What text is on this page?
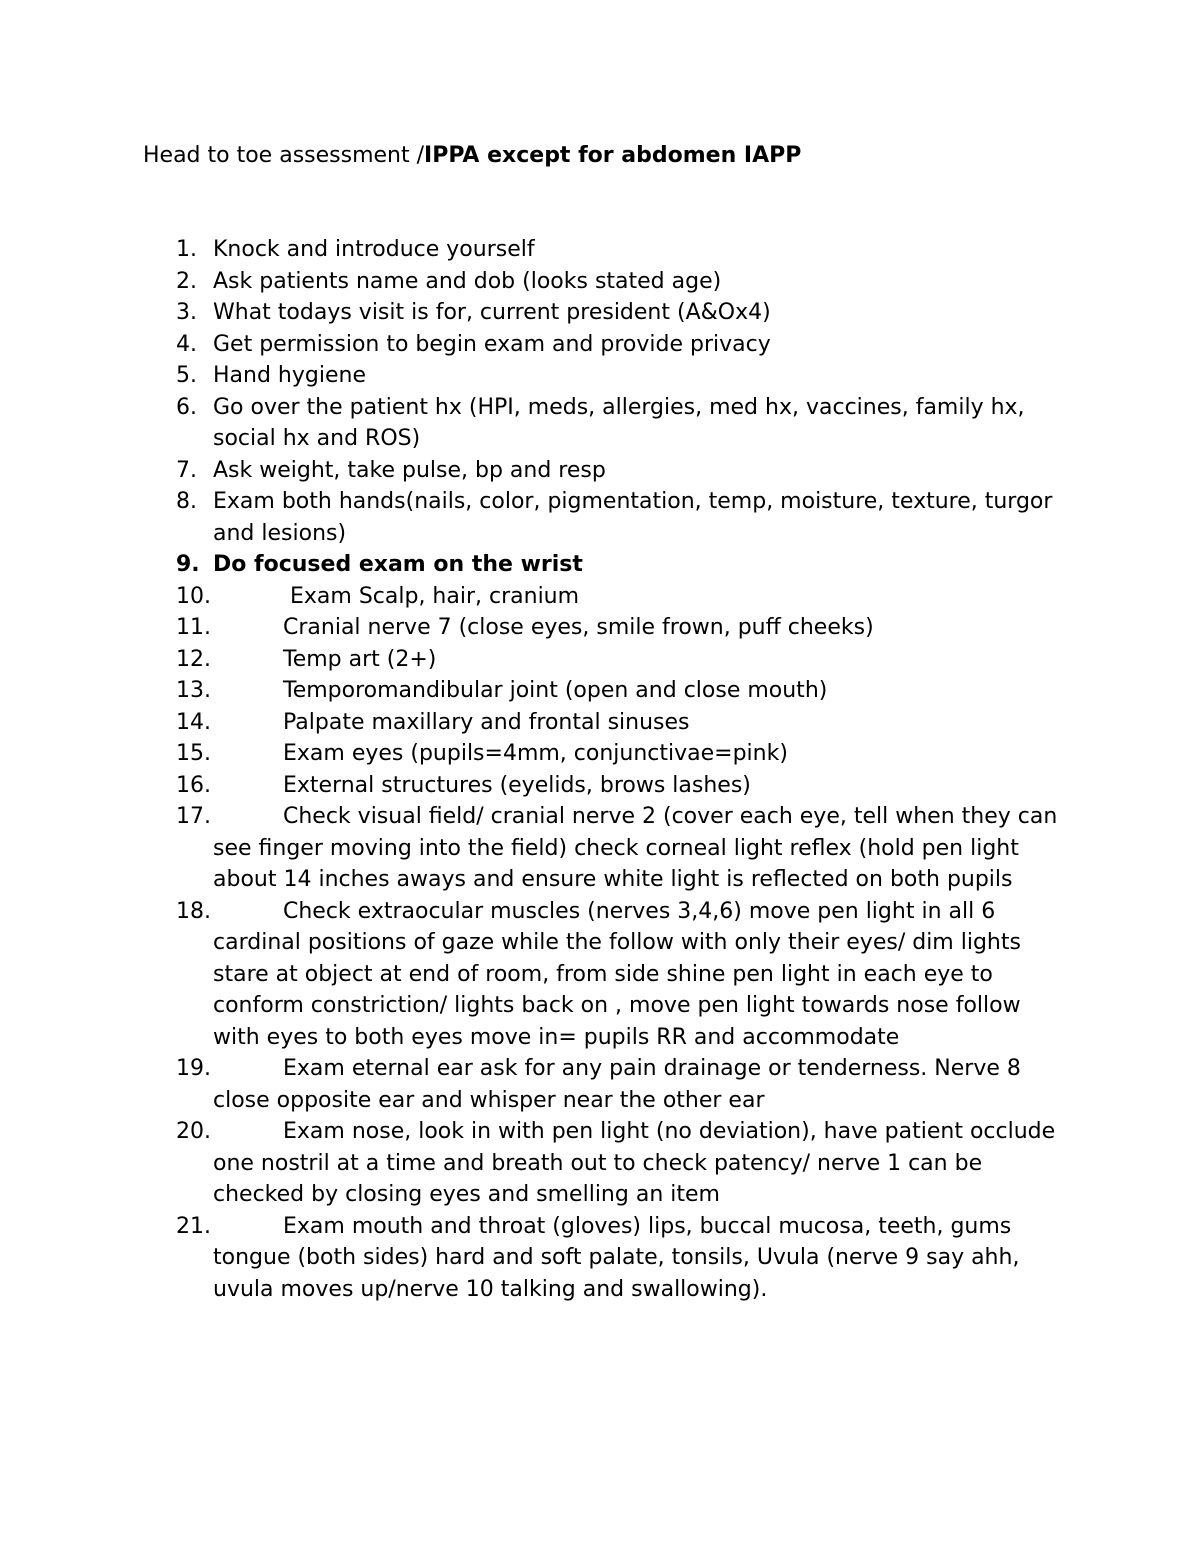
Head to toe assessment /IPPA except for abdomen IAPP
1. Knock and introduce yourself
2. Ask patients name and dob (looks stated age)
3. What todays visit is for, current president (A&Ox4)
4. Get permission to begin exam and provide privacy
5. Hand hygiene
6. Go over the patient hx (HPI, meds, allergies, med hx, vaccines, family hx, social hx and ROS)
7. Ask weight, take pulse, bp and resp
8. Exam both hands(nails, color, pigmentation, temp, moisture, texture, turgor and lesions)
9. Do focused exam on the wrist
10.	Exam Scalp, hair, cranium
11.	Cranial nerve 7 (close eyes, smile frown, puff cheeks)
12.	Temp art (2+)
13.	Temporomandibular joint (open and close mouth)
14.	Palpate maxillary and frontal sinuses
15.	Exam eyes (pupils=4mm, conjunctivae=pink)
16.	External structures (eyelids, brows lashes)
17.	Check visual field/ cranial nerve 2 (cover each eye, tell when they can see finger moving into the field) check corneal light reflex (hold pen light about 14 inches aways and ensure white light is reflected on both pupils
18.	Check extraocular muscles (nerves 3,4,6) move pen light in all 6 cardinal positions of gaze while the follow with only their eyes/ dim lights stare at object at end of room, from side shine pen light in each eye to conform constriction/ lights back on , move pen light towards nose follow with eyes to both eyes move in= pupils RR and accommodate
19.	Exam eternal ear ask for any pain drainage or tenderness. Nerve 8 close opposite ear and whisper near the other ear
20.	Exam nose, look in with pen light (no deviation), have patient occlude one nostril at a time and breath out to check patency/ nerve 1 can be checked by closing eyes and smelling an item
21.	Exam mouth and throat (gloves) lips, buccal mucosa, teeth, gums tongue (both sides) hard and soft palate, tonsils, Uvula (nerve 9 say ahh, uvula moves up/nerve 10 talking and swallowing).
